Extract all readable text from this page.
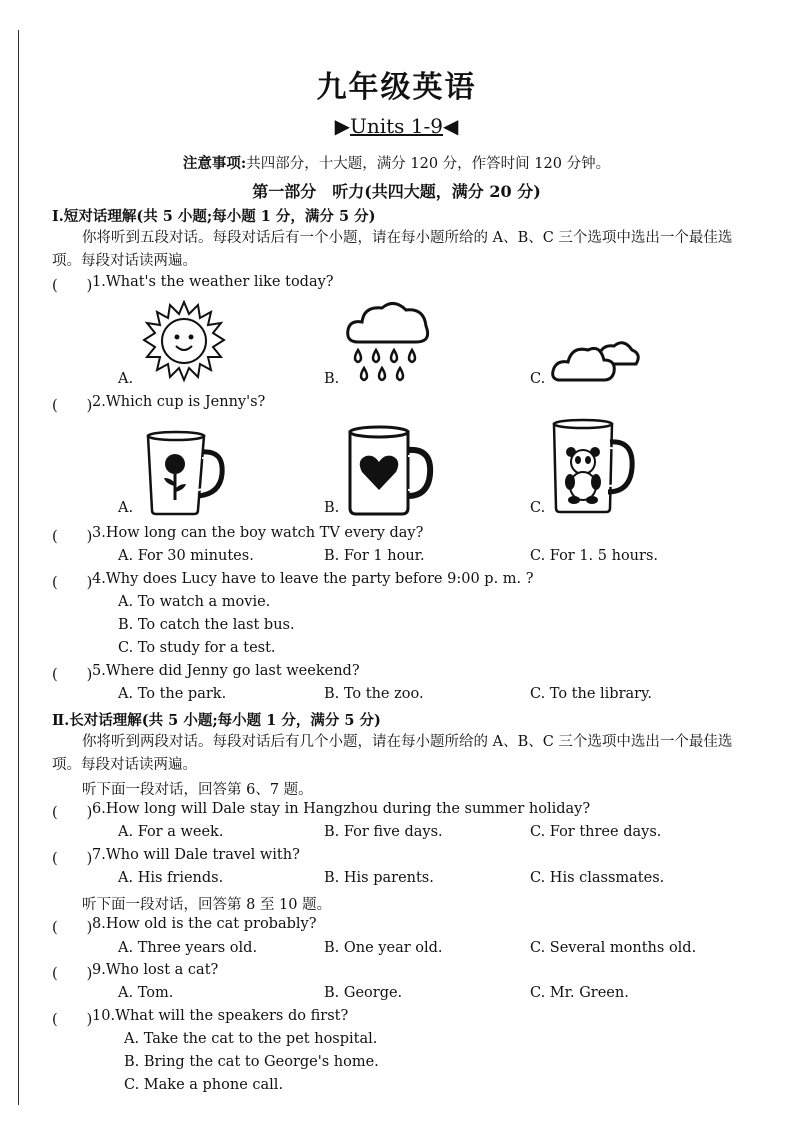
九年级英语
▶Units 1-9◀
注意事项:共四部分，十大题，满分 120 分，作答时间 120 分钟。
第一部分　听力(共四大题，满分 20 分)
Ⅰ.短对话理解(共 5 小题;每小题 1 分，满分 5 分)
你将听到五段对话。每段对话后有一个小题，请在每小题所给的 A、B、C 三个选项中选出一个最佳选项。每段对话读两遍。
(　　) 1.What's the weather like today?
A.	B.	C.
(　　) 2.Which cup is Jenny's?
A.	B.	C.
(　　) 3.How long can the boy watch TV every day?
A. For 30 minutes.	B. For 1 hour.	C. For 1. 5 hours.
(　　) 4.Why does Lucy have to leave the party before 9:00 p. m. ?
A. To watch a movie.
B. To catch the last bus.
C. To study for a test.
(　　) 5.Where did Jenny go last weekend?
A. To the park.	B. To the zoo.	C. To the library.
Ⅱ.长对话理解(共 5 小题;每小题 1 分，满分 5 分)
你将听到两段对话。每段对话后有几个小题，请在每小题所给的 A、B、C 三个选项中选出一个最佳选项。每段对话读两遍。
听下面一段对话，回答第 6、7 题。
(　　) 6.How long will Dale stay in Hangzhou during the summer holiday?
A. For a week.	B. For five days.	C. For three days.
(　　) 7.Who will Dale travel with?
A. His friends.	B. His parents.	C. His classmates.
听下面一段对话，回答第 8 至 10 题。
(　　) 8.How old is the cat probably?
A. Three years old.	B. One year old.	C. Several months old.
(　　) 9.Who lost a cat?
A. Tom.	B. George.	C. Mr. Green.
(　　) 10.What will the speakers do first?
A. Take the cat to the pet hospital.
B. Bring the cat to George's home.
C. Make a phone call.
